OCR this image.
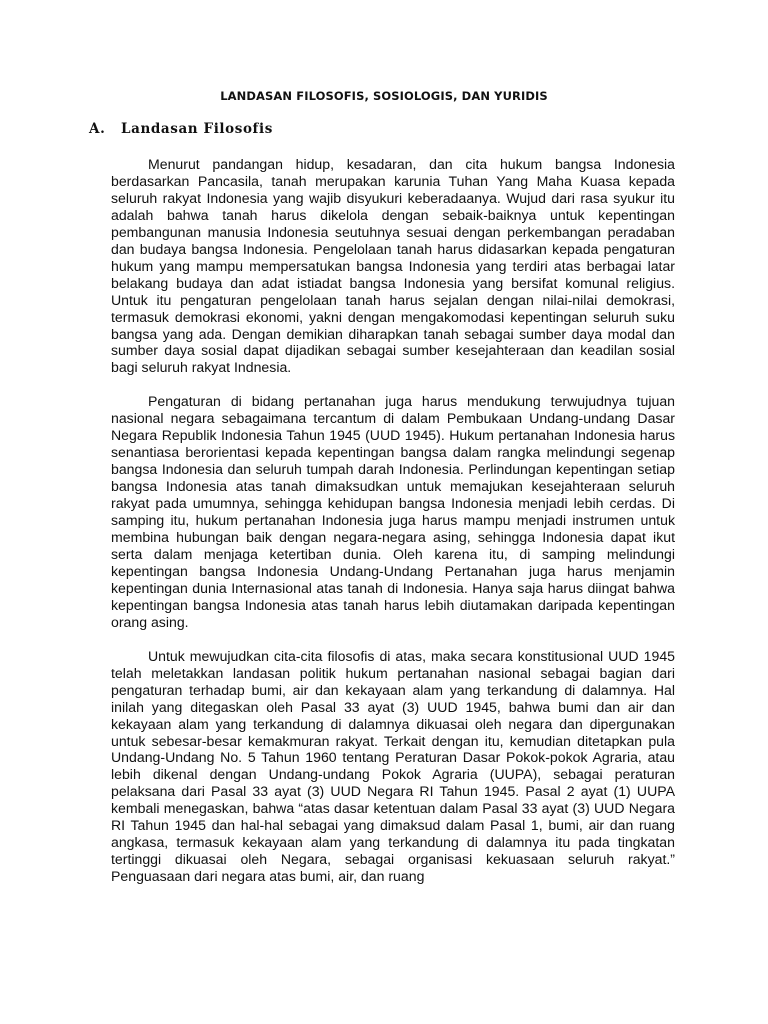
LANDASAN FILOSOFIS, SOSIOLOGIS, DAN YURIDIS
A. Landasan Filosofis

Menurut pandangan hidup, kesadaran, dan cita hukum bangsa Indonesia berdasarkan Pancasila, tanah merupakan karunia Tuhan Yang Maha Kuasa kepada seluruh rakyat Indonesia yang wajib disyukuri keberadaanya. Wujud dari rasa syukur itu adalah bahwa tanah harus dikelola dengan sebaik-baiknya untuk kepentingan pembangunan manusia Indonesia seutuhnya sesuai dengan perkembangan peradaban dan budaya bangsa Indonesia. Pengelolaan tanah harus didasarkan kepada pengaturan hukum yang mampu mempersatukan bangsa Indonesia yang terdiri atas berbagai latar belakang budaya dan adat istiadat bangsa Indonesia yang bersifat komunal religius. Untuk itu pengaturan pengelolaan tanah harus sejalan dengan nilai-nilai demokrasi, termasuk demokrasi ekonomi, yakni dengan mengakomodasi kepentingan seluruh suku bangsa yang ada. Dengan demikian diharapkan tanah sebagai sumber daya modal dan sumber daya sosial dapat dijadikan sebagai sumber kesejahteraan dan keadilan sosial bagi seluruh rakyat Indnesia.

Pengaturan di bidang pertanahan juga harus mendukung terwujudnya tujuan nasional negara sebagaimana tercantum di dalam Pembukaan Undang-undang Dasar Negara Republik Indonesia Tahun 1945 (UUD 1945). Hukum pertanahan Indonesia harus senantiasa berorientasi kepada kepentingan bangsa dalam rangka melindungi segenap bangsa Indonesia dan seluruh tumpah darah Indonesia. Perlindungan kepentingan setiap bangsa Indonesia atas tanah dimaksudkan untuk memajukan kesejahteraan seluruh rakyat pada umumnya, sehingga kehidupan bangsa Indonesia menjadi lebih cerdas. Di samping itu, hukum pertanahan Indonesia juga harus mampu menjadi instrumen untuk membina hubungan baik dengan negara-negara asing, sehingga Indonesia dapat ikut serta dalam menjaga ketertiban dunia. Oleh karena itu, di samping melindungi kepentingan bangsa Indonesia Undang-Undang Pertanahan juga harus menjamin kepentingan dunia Internasional atas tanah di Indonesia. Hanya saja harus diingat bahwa kepentingan bangsa Indonesia atas tanah harus lebih diutamakan daripada kepentingan orang asing.

Untuk mewujudkan cita-cita filosofis di atas, maka secara konstitusional UUD 1945 telah meletakkan landasan politik hukum pertanahan nasional sebagai bagian dari pengaturan terhadap bumi, air dan kekayaan alam yang terkandung di dalamnya. Hal inilah yang ditegaskan oleh Pasal 33 ayat (3) UUD 1945, bahwa bumi dan air dan kekayaan alam yang terkandung di dalamnya dikuasai oleh negara dan dipergunakan untuk sebesar-besar kemakmuran rakyat. Terkait dengan itu, kemudian ditetapkan pula Undang-Undang No. 5 Tahun 1960 tentang Peraturan Dasar Pokok-pokok Agraria, atau lebih dikenal dengan Undang-undang Pokok Agraria (UUPA), sebagai peraturan pelaksana dari Pasal 33 ayat (3) UUD Negara RI Tahun 1945. Pasal 2 ayat (1) UUPA kembali menegaskan, bahwa “atas dasar ketentuan dalam Pasal 33 ayat (3) UUD Negara RI Tahun 1945 dan hal-hal sebagai yang dimaksud dalam Pasal 1, bumi, air dan ruang angkasa, termasuk kekayaan alam yang terkandung di dalamnya itu pada tingkatan tertinggi dikuasai oleh Negara, sebagai organisasi kekuasaan seluruh rakyat.” Penguasaan dari negara atas bumi, air, dan ruang
